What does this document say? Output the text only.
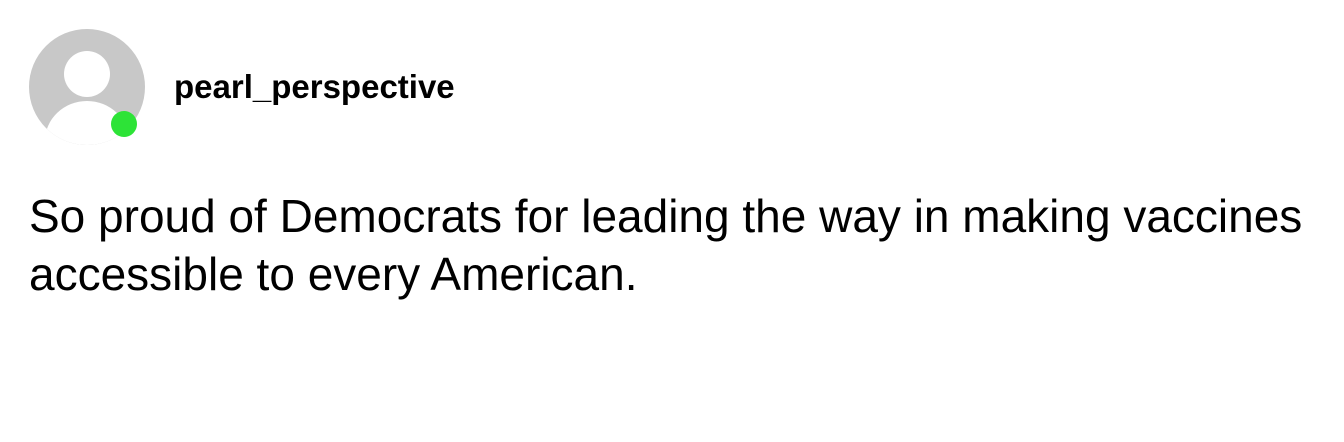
pearl_perspective
So proud of Democrats for leading the way in making vaccines accessible to every American.
